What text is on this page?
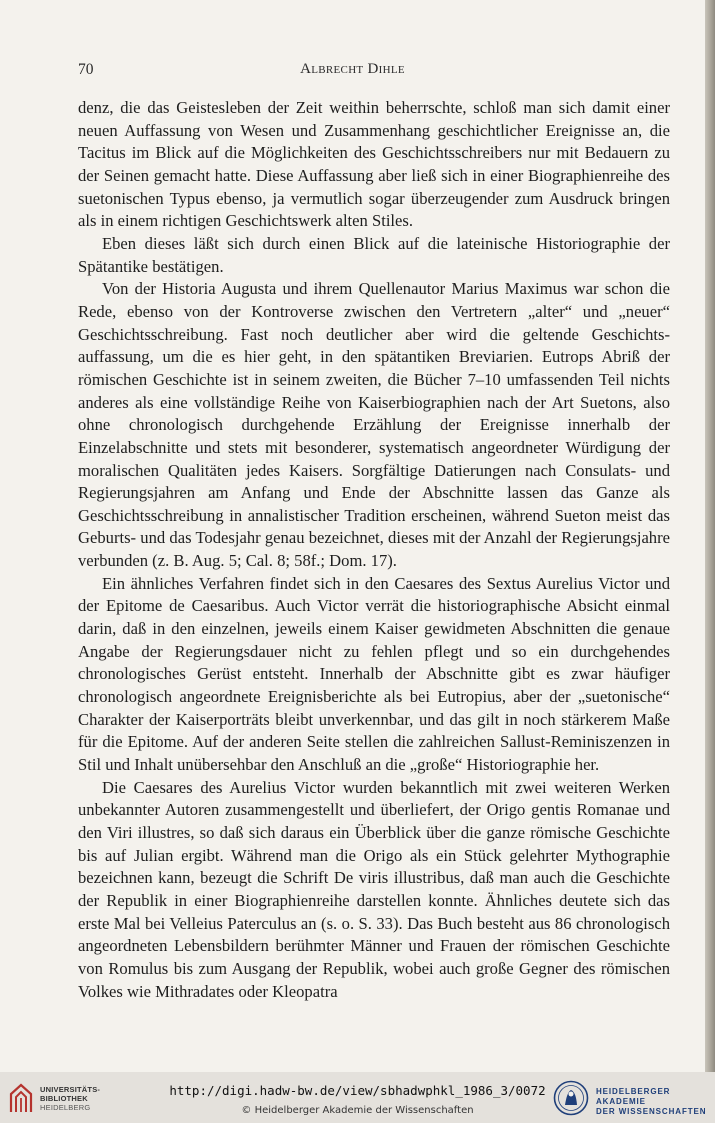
70	Albrecht Dihle

denz, die das Geistesleben der Zeit weithin beherrschte, schloß man sich damit einer neuen Auffassung von Wesen und Zusammenhang geschichtlicher Ereignisse an, die Tacitus im Blick auf die Möglichkeiten des Geschichtsschreibers nur mit Bedauern zu der Seinen gemacht hatte. Diese Auffassung aber ließ sich in einer Biographienreihe des suetonischen Typus ebenso, ja vermutlich sogar überzeugender zum Ausdruck bringen als in einem richtigen Geschichtswerk alten Stiles.

Eben dieses läßt sich durch einen Blick auf die lateinische Historiographie der Spätantike bestätigen.

Von der Historia Augusta und ihrem Quellenautor Marius Maximus war schon die Rede, ebenso von der Kontroverse zwischen den Vertretern „alter“ und „neuer“ Geschichtsschreibung. Fast noch deutlicher aber wird die geltende Geschichtsauffassung, um die es hier geht, in den spätantiken Breviarien. Eutrops Abriß der römischen Geschichte ist in seinem zweiten, die Bücher 7–10 umfassenden Teil nichts anderes als eine vollständige Reihe von Kaiserbiographien nach der Art Suetons, also ohne chronologisch durchgehende Erzählung der Ereignisse innerhalb der Einzelabschnitte und stets mit besonderer, systematisch angeordneter Würdigung der moralischen Qualitäten jedes Kaisers. Sorgfältige Datierungen nach Consulats- und Regierungsjahren am Anfang und Ende der Abschnitte lassen das Ganze als Geschichtsschreibung in annalistischer Tradition erscheinen, während Sueton meist das Geburts- und das Todesjahr genau bezeichnet, dieses mit der Anzahl der Regierungsjahre verbunden (z. B. Aug. 5; Cal. 8; 58f.; Dom. 17).

Ein ähnliches Verfahren findet sich in den Caesares des Sextus Aurelius Victor und der Epitome de Caesaribus. Auch Victor verrät die historiographische Absicht einmal darin, daß in den einzelnen, jeweils einem Kaiser gewidmeten Abschnitten die genaue Angabe der Regierungsdauer nicht zu fehlen pflegt und so ein durchgehendes chronologisches Gerüst entsteht. Innerhalb der Abschnitte gibt es zwar häufiger chronologisch angeordnete Ereignisberichte als bei Eutropius, aber der „suetonische“ Charakter der Kaiserporträts bleibt unverkennbar, und das gilt in noch stärkerem Maße für die Epitome. Auf der anderen Seite stellen die zahlreichen Sallust-Reminiszenzen in Stil und Inhalt unübersehbar den Anschluß an die „große“ Historiographie her.

Die Caesares des Aurelius Victor wurden bekanntlich mit zwei weiteren Werken unbekannter Autoren zusammengestellt und überliefert, der Origo gentis Romanae und den Viri illustres, so daß sich daraus ein Überblick über die ganze römische Geschichte bis auf Julian ergibt. Während man die Origo als ein Stück gelehrter Mythographie bezeichnen kann, bezeugt die Schrift De viris illustribus, daß man auch die Geschichte der Republik in einer Biographienreihe darstellen konnte. Ähnliches deutete sich das erste Mal bei Velleius Paterculus an (s. o. S. 33). Das Buch besteht aus 86 chronologisch angeordneten Lebensbildern berühmter Männer und Frauen der römischen Geschichte von Romulus bis zum Ausgang der Republik, wobei auch große Gegner des römischen Volkes wie Mithradates oder Kleopatra

UNIVERSITÄTS-
BIBLIOTHEK
HEIDELBERG
http://digi.hadw-bw.de/view/sbhadwphkl_1986_3/0072
© Heidelberger Akademie der Wissenschaften
HEIDELBERGER AKADEMIE
DER WISSENSCHAFTEN
